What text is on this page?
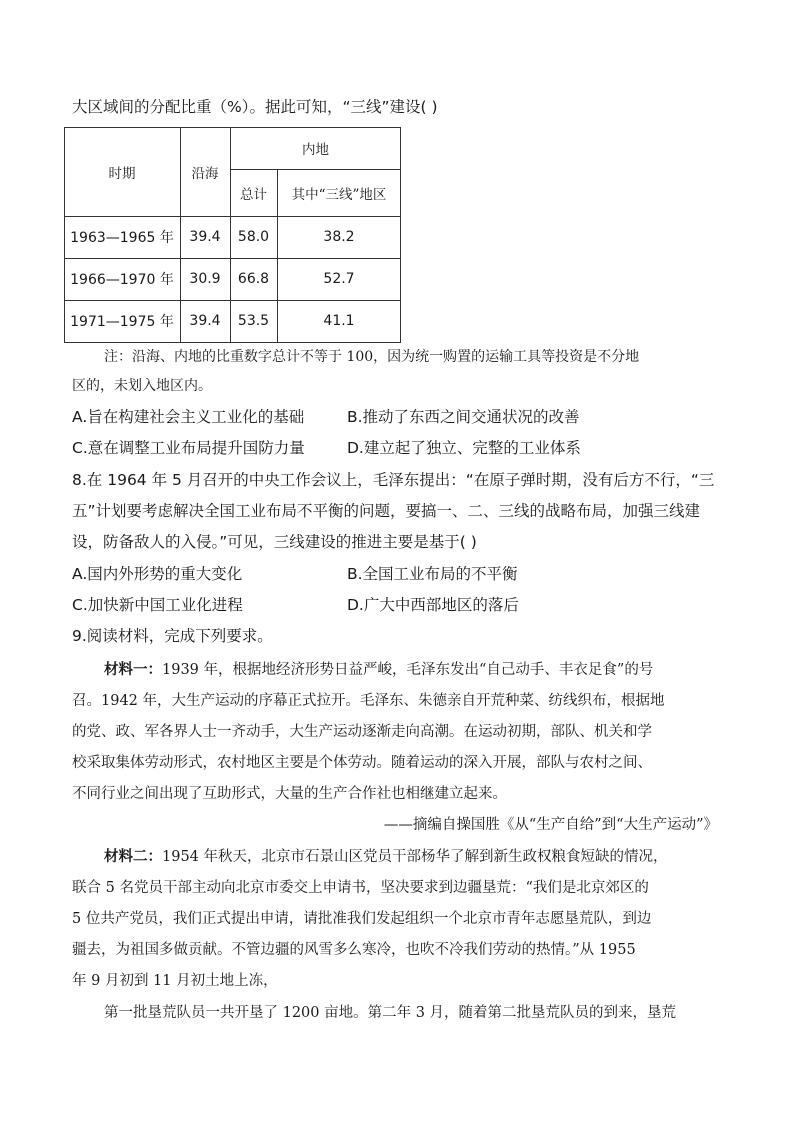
大区域间的分配比重（%）。据此可知，“三线”建设( )
时期	沿海
内地
总计	其中“三线”地区
1963—1965 年	39.4	58.0	38.2
1966—1970 年	30.9	66.8	52.7
1971—1975 年	39.4	53.5	41.1
注：沿海、内地的比重数字总计不等于 100，因为统一购置的运输工具等投资是不分地
区的，未划入地区内。
A.旨在构建社会主义工业化的基础	B.推动了东西之间交通状况的改善
C.意在调整工业布局提升国防力量	D.建立起了独立、完整的工业体系
8.在 1964 年 5 月召开的中央工作会议上，毛泽东提出：“在原子弹时期，没有后方不行，“三
五”计划要考虑解决全国工业布局不平衡的问题，要搞一、二、三线的战略布局，加强三线建
设，防备敌人的入侵。”可见，三线建设的推进主要是基于( )
A.国内外形势的重大变化	B.全国工业布局的不平衡
C.加快新中国工业化进程	D.广大中西部地区的落后
9.阅读材料，完成下列要求。
材料一：1939 年，根据地经济形势日益严峻，毛泽东发出“自己动手、丰衣足食”的号
召。1942 年，大生产运动的序幕正式拉开。毛泽东、朱德亲自开荒种菜、纺线织布，根据地
的党、政、军各界人士一齐动手，大生产运动逐渐走向高潮。在运动初期，部队、机关和学
校采取集体劳动形式，农村地区主要是个体劳动。随着运动的深入开展，部队与农村之间、
不同行业之间出现了互助形式，大量的生产合作社也相继建立起来。
——摘编自操国胜《从“生产自给”到“大生产运动”》
材料二：1954 年秋天，北京市石景山区党员干部杨华了解到新生政权粮食短缺的情况，
联合 5 名党员干部主动向北京市委交上申请书，坚决要求到边疆垦荒：“我们是北京郊区的
5 位共产党员，我们正式提出申请，请批准我们发起组织一个北京市青年志愿垦荒队，到边
疆去，为祖国多做贡献。不管边疆的风雪多么寒冷，也吹不冷我们劳动的热情。”从 1955
年 9 月初到 11 月初土地上冻，
第一批垦荒队员一共开垦了 1200 亩地。第二年 3 月，随着第二批垦荒队员的到来，垦荒
